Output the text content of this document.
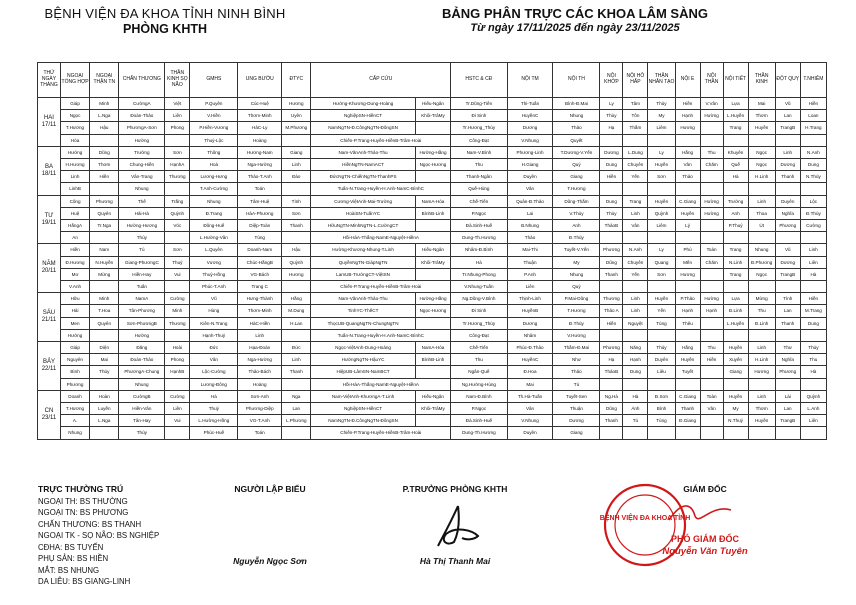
BỆNH VIỆN ĐA KHOA TỈNH NINH BÌNH
PHÒNG KHTH
BẢNG PHÂN TRỰC CÁC KHOA LÂM SÀNG
Từ ngày 17/11/2025 đến ngày 23/11/2025
THỨ NGÀY THÁNG	NGOẠI TỔNG HỢP	NGOẠI THẬN TN	CHẤN THƯƠNG	THẦN KINH SỌ NÃO	GMHS	UNG BƯỚU	ĐTYC	CẤP CỨU		HSTC & CĐ	NỘI TM	NỘI TH	NỘI KHỚP	NỘI HÔ HẤP	THẬN NHÂN TẠO	NỘI E	NỘI THẦN	NỘI TIẾT	THẦN KINH	ĐỘT QUỴ	T.NHIỄM
HAI
17/11	Giáp	Minh	CườngA	Việt	P.Quyên	Cúc-Huệ	Hương	Hường-Khương-Dung-Hoàng	Hiếu-Ngân	Tr.Dũng-Tiến	Thi-Tuấn	Bình-Đ.Mai	Ly	Tâm	Thủy	Hiền	V.Vân	Lựa	Mai	Vũ	Hiền
	Ngọc	L.Nga	Đoàn-Thảo	Liên	V.Hiền	Thơm-Minh	Uyên	NghiệpSN-HiềnCT	Khôi-TrâMy	Đi Sinh	HuyềnC	Nhung	Thủy	Tôn	My	Hạnh	Hường	L.Huyền	Thơm	Lan	Loan
	T.Hương	Hậu	PhươngA-Sơn	Phong	P.Hiền-Vương	HảC-Ly	M.Phương	NamNgTN-Đ.CôngNgTN-ĐôngSN		Tr.Hương_Thủy	Dương	Thảo	Hạ	Thắm	Liêm	Hương		Trang	Huyền	TrangB	H.Trang
	Hòa		Hường		Thuỷ-Lộc	Hoàng		Chiến-P.Trang-Huyền-HiềnB-Trâm-Hoài		Công-Đạt	V.Nhung	Quyết									
BA
18/11	Hường	Dũng	Trường	Sơn	Thông	Hương-Nam	Giang	Nam-VănAnh-Thảo-Thu	Hường-Hằng	Nam-V.Bình	Phương-Linh	T.Dương-V.Yến	Dương	L.Dung	Ly	Hằng	Thu	Khuyên	Ngọc	Linh	N.Anh
	H.Hương	Thơm	Chung-Hiền	HạnhA	Hoà	Nga-Hường	Linh	HiềnNgTN-NamACT	Ngọc-Hương	Thu	H.Giang	Quý	Dung	Chuyên	Huyền	Vân	Chăm	Quế	Ngọc	Dương	Dung
	Linh	Hiền	Vân-Trang	Thương	Lương-Hưng	Thảo-T.Anh	Đào	ĐứcNgTN-ChiếnNgTN-ThanhPS		Thanh-Ngân	Duyên	Giang	Hiền	Yến	Sơn	Thảo		Hà	H.Linh	Thanh	N.Thủy
	LinhB		Nhung		T.Anh-Cường	Toán		Tuấn-N.Trang-Huyền-H.Anh-NamC-BìnhC		Quế-Hùng	Vân	T.Hương									
TƯ
19/11	Công	Phương	Thế	Trắng	Nhung	Tâm-Huệ	Tình	Cương-ViệtAnh-Mai-Trường	NamA-Hòa	Chế-Tiến	Quân-Đ.Thảo	Dũng-Thắm	Dung	Trang	Huyền	C.Giang	Hường	Trường	Linh	Duyên	Lộc
	Huệ	Quyên	Hải-Hà	Quỳnh	Đ.Trang	HàA-Phương	Sơn	HoàiSN-TuấnYC	BìnhB-Linh	P.Ngọc	Lai	V.Thủy	Thủy	Linh	Quỳnh	Huyền	Hường	Anh	Thoa	Nghĩa	Đ.Thủy
	HằngA	Tr.Nga	Hường-Hương	Vóc	Đông-Huế	Diệp-Toàn	Thanh	HữuNgTN-MinhNgTN-L.CườngCT		Đà.Sinh-Huế	B.Nhung	Anh	ThảoB	Vân	Liêm	Lý		P.Thuý	Út	Phương	Cường
	An		Thúy		L.Hường-Vân	Tùng		Hồi-HàA-Thắng-NamE-Nguyệt-HiềnA		Dung-Th.Hương	Thảo	Đ.Thủy									
NĂM
20/11	Hiền	Nam	Tú	Sơn	L.Quyên	Doanh-Nam	Hậu	Hường-Khương-Nhung-T.Linh	Hiếu-Ngân	Nhâm-Đ.Bình	Mai-Thi	Tuyết-V.Yến	Phương	N.Anh	Ly	Phú	Toàn	Trang	Nhung	Vũ	Linh
	Đ.Hương	N.Huyền	Giang-PhươngC	Thuỷ	Vương	Chúc-HằngB	Quỳnh	QuyềnNgTN-GiápNgTN	Khôi-TrâMy	Hà	Thuận	My	Dũng	Chuyên	Quang	Mến	Chăm	N.Linh	Đ.Phương	Dương	Liên
	Mơ	Mừng	Hiền-Hay	Vui	Thuỳ-Hồng	VG-Bách	Hương	LamUB-TrườngCT-ViệtSN		Tr.Nhung-Phong	P.Anh	Nhung	Thanh	Yến	Sơn	Hương		Trang	Ngọc	TrangB	Hà
	V.Anh		Tuấn		Phúc-T.Anh	Trang C		Chiến-P.Trang-Huyền-HiềnB-Trâm-Hoài		V.Nhung-Tuấn	Liên	Quý									
SÁU
21/11	Hữu	Minh	NamA	Cường	Vũ	Hưng-Thành	Hằng	Nam-VănAnh-Thảo-Thu	Hường-Hằng	Ng.Dũng-V.Bình	Thịnh-Linh	P.Mai-Dũng	Thương	Linh	Huyền	P.Thảo	Hường	Lựa	Mừng	Tình	Hiền
	Hải	T.Hoa	Tân-Phương	Minh	Hùng	Thơm-Minh	M.Dung	TinhYC-ThếCT	Ngọc-Hương	Đi Sinh	HuyềnB	T.Hương	Thảo A	Linh	Yến	Hạnh	Hạnh	Đ.Linh	Thu	Lan	M.Trang
	Men	Quyên	Sơn-PhươngB	Thương	Kiên-N.Trang	HàC-Hiền	H.Lan	ThọcUB-QuangNgTN-ChungNgTN		Tr.Hương_Thủy	Dương	Đ.Thủy	Hiền	Nguyệt	Tùng	Thêu		L.Huyền	Đ.Linh	Thanh	Dung
	Hường		Hường		Hạnh-Thuỷ	Linh		Tuấn-N.Trang-Huyền-H.Anh-NamC-BìnhC		Công-Đạt	Nhâm	V.Hương									
BẢY
22/11	Giáp	Diện	Đăng	Hoài	Đức	Hạa-Đoàn	Đức	Ngọc-ViệtAnh-Dung-Hoàng	NamA-Hòa	Chế-Tiến	Phúc-Đ.Thảo	Thắm-Đ.Mai	Phương	Năng	Thủy	Hằng	Thu	Huyền	Linh	Thư	Thủy
	Nguyên	Mai	Đoàn-Thảo	Phong	Vân	Nga-Hường	Linh	HườngNgTN-HậuYC	BìnhB-Linh	Thu	HuyềnC	Như	Hạ	Hạnh	Duyên	Huyền	Hiền	Xuyến	H.Linh	Nghĩa	Thu
	Bình	Thủy	PhươngA-Chung	HạnhB	Lộc-Cường	Thảo-Bách	Thanh	HiệpUB-LâmSN-NamBCT		Ngân-Quế	Đ.Hoa	Thảo	ThảoB	Dung	Liêu	Tuyết		Giang	Hương	Phương	Hà
	Phương		Nhung		Lương-Đông	Hoàng		Hồi-HàA-Thắng-NamE-Nguyệt-HiềnA		Ng.Hường-Hùng	Mai	Tú									
CN
23/11	Doanh	Hoàn	CườngB	Cường	Hà	Sơn-Anh	Nga	Nam-ViệtAnh-KhươngA-T.Linh	Hiếu-Ngân	Nam-Đ.Bình	Th.Hà-Tuấn	Tuyết-Sen	Ng.Hà	Hà	Đ.Sơn	C.Giang	Toàn	Huyền	Linh	Lài	Quỳnh
	T.Hương	Luyến	Hiền-Vân	Liên	Thuý	Phương-Diệp	Lan	NghiệpSN-HiềnCT	Khôi-TrâMy	P.Ngọc	Vân	Thuận	Dũng	Ánh	Bình	Thanh	Vân	My	Thơm	Lan	L.Anh
	A.	L.Nga	Tân-Hay	Vui	L.Hường-Hồng	VG-T.Anh	L.Phương	NamNgTN-Đ.CôngNgTN-ĐôngSN		Đà.Sinh-Huế	V.Nhung	Dương	Thanh	Tú	Tùng	Đ.Giang		N.Thuý	Huyền	TrangB	Liên
	Nhung		Thúy		Phúc-Huế	Toán		Chiến-P.Trang-Huyền-HiềnB-Trâm-Hoài		Dung-Th.Hương	Duyên	Giang									
TRỰC THƯỜNG TRÚ
NGOẠI TH: BS THƯỜNG
NGOẠI TN: BS PHƯƠNG
CHẤN THƯƠNG: BS THANH
NGOẠI TK - SỌ NÃO: BS NGHIỆP
CĐHA: BS TUYẾN
PHỤ SẢN: BS HIỀN
MẮT: BS NHUNG
DA LIỄU: BS GIANG-LINH
NGƯỜI LẬP BIỂU
Nguyễn Ngọc Sơn
P.TRƯỞNG PHÒNG KHTH
Hà Thị Thanh Mai
BỆNH VIỆN ĐA KHOA TỈNH
GIÁM ĐỐC
PHÓ GIÁM ĐỐC
Nguyễn Văn Tuyên
